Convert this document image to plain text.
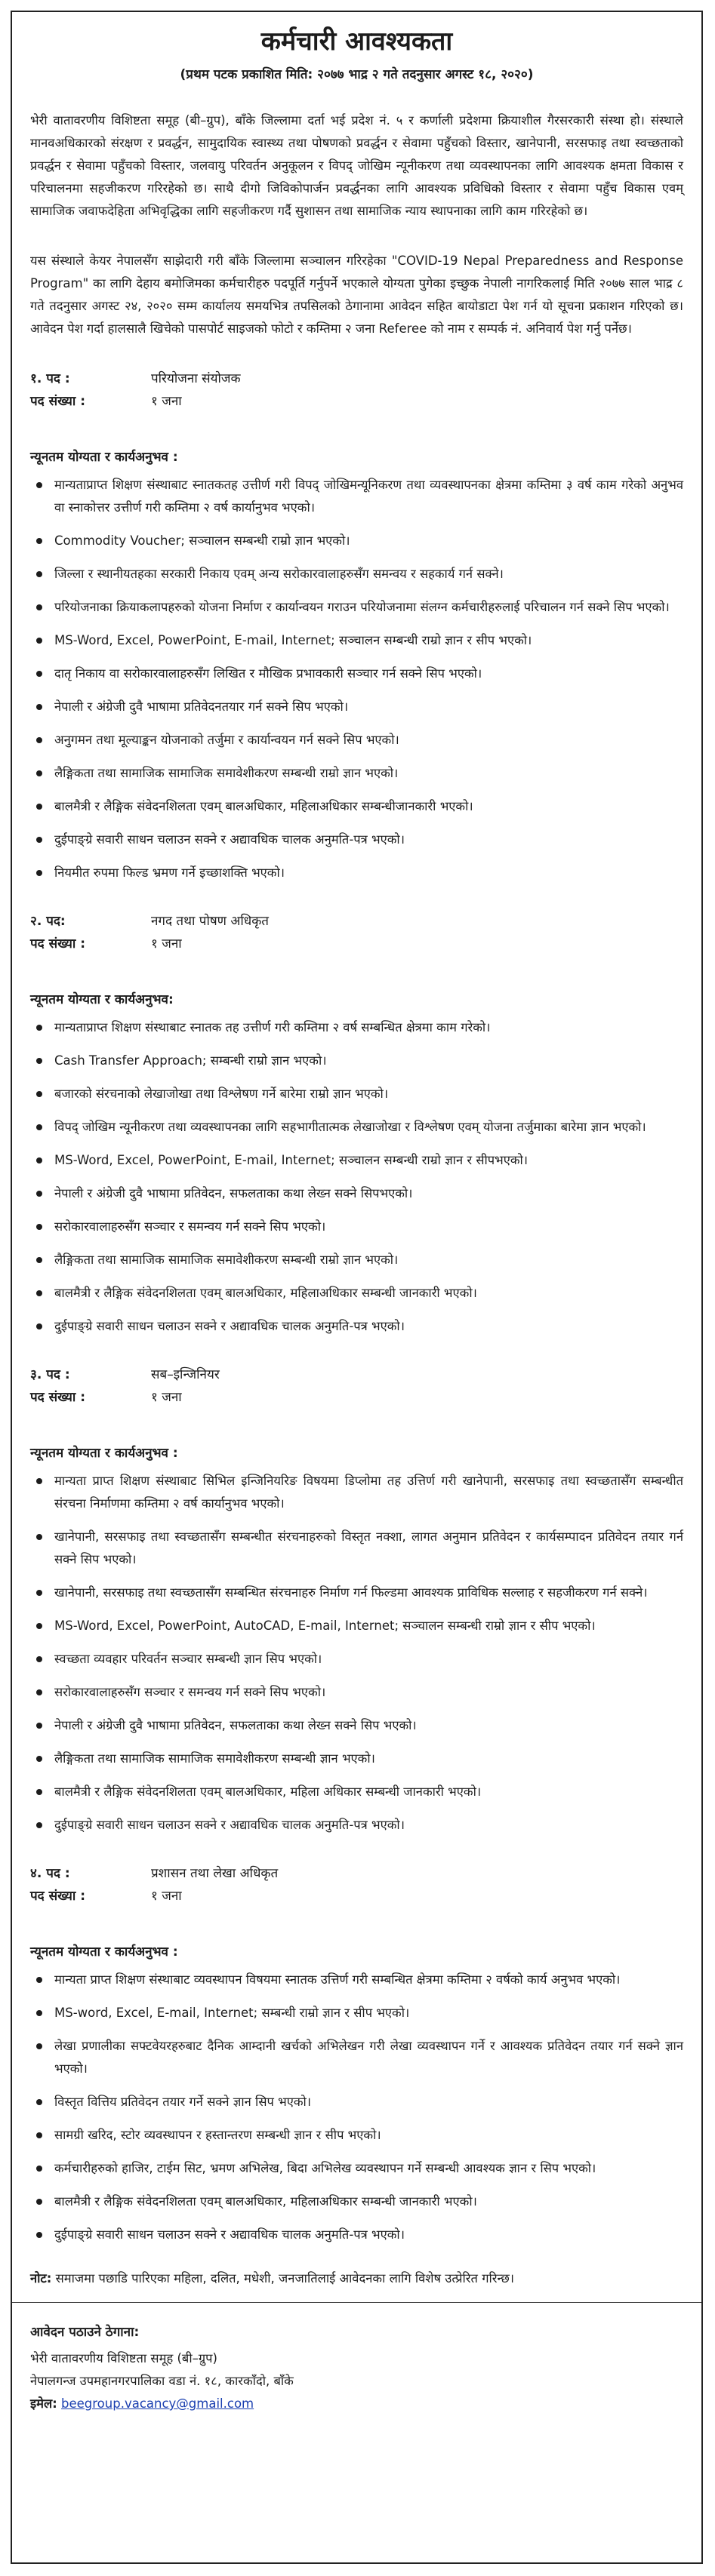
कर्मचारी आवश्यकता
(प्रथम पटक प्रकाशित मिति: २०७७ भाद्र २ गते तदनुसार अगस्ट १८, २०२०)

भेरी वातावरणीय विशिष्टता समूह (बी–ग्रुप), बाँके जिल्लामा दर्ता भई प्रदेश नं. ५ र कर्णाली प्रदेशमा क्रियाशील गैरसरकारी संस्था हो। संस्थाले मानवअधिकारको संरक्षण र प्रवर्द्धन, सामुदायिक स्वास्थ्य तथा पोषणको प्रवर्द्धन र सेवामा पहुँचको विस्तार, खानेपानी, सरसफाइ तथा स्वच्छताको प्रवर्द्धन र सेवामा पहुँचको विस्तार, जलवायु परिवर्तन अनुकूलन र विपद् जोखिम न्यूनीकरण तथा व्यवस्थापनका लागि आवश्यक क्षमता विकास र परिचालनमा सहजीकरण गरिरहेको छ। साथै दीगो जिविकोपार्जन प्रवर्द्धनका लागि आवश्यक प्रविधिको विस्तार र सेवामा पहुँच विकास एवम् सामाजिक जवाफदेहिता अभिवृद्धिका लागि सहजीकरण गर्दै सुशासन तथा सामाजिक न्याय स्थापनाका लागि काम गरिरहेको छ।

यस संस्थाले केयर नेपालसँग साझेदारी गरी बाँके जिल्लामा सञ्चालन गरिरहेका "COVID-19 Nepal Preparedness and Response Program" का लागि देहाय बमोजिमका कर्मचारीहरु पदपूर्ति गर्नुपर्ने भएकाले योग्यता पुगेका इच्छुक नेपाली नागरिकलाई मिति २०७७ साल भाद्र ८ गते तदनुसार अगस्ट २४, २०२० सम्म कार्यालय समयभित्र तपसिलको ठेगानामा आवेदन सहित बायोडाटा पेश गर्न यो सूचना प्रकाशन गरिएको छ। आवेदन पेश गर्दा हालसालै खिचेको पासपोर्ट साइजको फोटो र कम्तिमा २ जना Referee को नाम र सम्पर्क नं. अनिवार्य पेश गर्नु पर्नेछ।

१. पद :	परियोजना संयोजक
पद संख्या :	१ जना
न्यूनतम योग्यता र कार्यअनुभव :
मान्यताप्राप्त शिक्षण संस्थाबाट स्नातकतह उत्तीर्ण गरी विपद् जोखिमन्यूनिकरण तथा व्यवस्थापनका क्षेत्रमा कम्तिमा ३ वर्ष काम गरेको अनुभव वा स्नाकोत्तर उत्तीर्ण गरी कम्तिमा २ वर्ष कार्यानुभव भएको।
Commodity Voucher; सञ्चालन सम्बन्धी राम्रो ज्ञान भएको।
जिल्ला र स्थानीयतहका सरकारी निकाय एवम् अन्य सरोकारवालाहरुसँग समन्वय र सहकार्य गर्न सक्ने।
परियोजनाका क्रियाकलापहरुको योजना निर्माण र कार्यान्वयन गराउन परियोजनामा संलग्न कर्मचारीहरुलाई परिचालन गर्न सक्ने सिप भएको।
MS-Word, Excel, PowerPoint, E-mail, Internet; सञ्चालन सम्बन्धी राम्रो ज्ञान र सीप भएको।
दातृ निकाय वा सरोकारवालाहरुसँग लिखित र मौखिक प्रभावकारी सञ्चार गर्न सक्ने सिप भएको।
नेपाली र अंग्रेजी दुवै भाषामा प्रतिवेदनतयार गर्न सक्ने सिप भएको।
अनुगमन तथा मूल्याङ्कन योजनाको तर्जुमा र कार्यान्वयन गर्न सक्ने सिप भएको।
लैङ्गिकता तथा सामाजिक सामाजिक समावेशीकरण सम्बन्धी राम्रो ज्ञान भएको।
बालमैत्री र लैङ्गिक संवेदनशिलता एवम् बालअधिकार, महिलाअधिकार सम्बन्धीजानकारी भएको।
दुईपाङ्ग्रे सवारी साधन चलाउन सक्ने र अद्यावधिक चालक अनुमति-पत्र भएको।
नियमीत रुपमा फिल्ड भ्रमण गर्ने इच्छाशक्ति भएको।
२. पद:	नगद तथा पोषण अधिकृत
पद संख्या :	१ जना
न्यूनतम योग्यता र कार्यअनुभव:
मान्यताप्राप्त शिक्षण संस्थाबाट स्नातक तह उत्तीर्ण गरी कम्तिमा २ वर्ष सम्बन्धित क्षेत्रमा काम गरेको।
Cash Transfer Approach; सम्बन्धी राम्रो ज्ञान भएको।
बजारको संरचनाको लेखाजोखा तथा विश्लेषण गर्ने बारेमा राम्रो ज्ञान भएको।
विपद् जोखिम न्यूनीकरण तथा व्यवस्थापनका लागि सहभागीतात्मक लेखाजोखा र विश्लेषण एवम् योजना तर्जुमाका बारेमा ज्ञान भएको।
MS-Word, Excel, PowerPoint, E-mail, Internet; सञ्चालन सम्बन्धी राम्रो ज्ञान र सीपभएको।
नेपाली र अंग्रेजी दुवै भाषामा प्रतिवेदन, सफलताका कथा लेख्न सक्ने सिपभएको।
सरोकारवालाहरुसँग सञ्चार र समन्वय गर्न सक्ने सिप भएको।
लैङ्गिकता तथा सामाजिक सामाजिक समावेशीकरण सम्बन्धी राम्रो ज्ञान भएको।
बालमैत्री र लैङ्गिक संवेदनशिलता एवम् बालअधिकार, महिलाअधिकार सम्बन्धी जानकारी भएको।
दुईपाङ्ग्रे सवारी साधन चलाउन सक्ने र अद्यावधिक चालक अनुमति-पत्र भएको।
३. पद :	सब–इन्जिनियर
पद संख्या :	१ जना
न्यूनतम योग्यता र कार्यअनुभव :
मान्यता प्राप्त शिक्षण संस्थाबाट सिभिल इन्जिनियरिङ विषयमा डिप्लोमा तह उत्तिर्ण गरी खानेपानी, सरसफाइ तथा स्वच्छतासँग सम्बन्धीत संरचना निर्माणमा कम्तिमा २ वर्ष कार्यानुभव भएको।
खानेपानी, सरसफाइ तथा स्वच्छतासँग सम्बन्धीत संरचनाहरुको विस्तृत नक्शा, लागत अनुमान प्रतिवेदन र कार्यसम्पादन प्रतिवेदन तयार गर्न सक्ने सिप भएको।
खानेपानी, सरसफाइ तथा स्वच्छतासँग सम्बन्धित संरचनाहरु निर्माण गर्न फिल्डमा आवश्यक प्राविधिक सल्लाह र सहजीकरण गर्न सक्ने।
MS-Word, Excel, PowerPoint, AutoCAD, E-mail, Internet; सञ्चालन सम्बन्धी राम्रो ज्ञान र सीप भएको।
स्वच्छता व्यवहार परिवर्तन सञ्चार सम्बन्धी ज्ञान सिप भएको।
सरोकारवालाहरुसँग सञ्चार र समन्वय गर्न सक्ने सिप भएको।
नेपाली र अंग्रेजी दुवै भाषामा प्रतिवेदन, सफलताका कथा लेख्न सक्ने सिप भएको।
लैङ्गिकता तथा सामाजिक सामाजिक समावेशीकरण सम्बन्धी ज्ञान भएको।
बालमैत्री र लैङ्गिक संवेदनशिलता एवम् बालअधिकार, महिला अधिकार सम्बन्धी जानकारी भएको।
दुईपाङ्ग्रे सवारी साधन चलाउन सक्ने र अद्यावधिक चालक अनुमति-पत्र भएको।
४. पद :	प्रशासन तथा लेखा अधिकृत
पद संख्या :	१ जना
न्यूनतम योग्यता र कार्यअनुभव :
मान्यता प्राप्त शिक्षण संस्थाबाट व्यवस्थापन विषयमा स्नातक उत्तिर्ण गरी सम्बन्धित क्षेत्रमा कम्तिमा २ वर्षको कार्य अनुभव भएको।
MS-word, Excel, E-mail, Internet; सम्बन्धी राम्रो ज्ञान र सीप भएको।
लेखा प्रणालीका सफ्टवेयरहरुबाट दैनिक आम्दानी खर्चको अभिलेखन गरी लेखा व्यवस्थापन गर्ने र आवश्यक प्रतिवेदन तयार गर्न सक्ने ज्ञान भएको।
विस्तृत वित्तिय प्रतिवेदन तयार गर्ने सक्ने ज्ञान सिप भएको।
सामग्री खरिद, स्टोर व्यवस्थापन र हस्तान्तरण सम्बन्धी ज्ञान र सीप भएको।
कर्मचारीहरुको हाजिर, टाईम सिट, भ्रमण अभिलेख, बिदा अभिलेख व्यवस्थापन गर्ने सम्बन्धी आवश्यक ज्ञान र सिप भएको।
बालमैत्री र लैङ्गिक संवेदनशिलता एवम् बालअधिकार, महिलाअधिकार सम्बन्धी जानकारी भएको।
दुईपाङ्ग्रे सवारी साधन चलाउन सक्ने र अद्यावधिक चालक अनुमति-पत्र भएको।
नोट: समाजमा पछाडि पारिएका महिला, दलित, मधेशी, जनजातिलाई आवेदनका लागि विशेष उत्प्रेरित गरिन्छ।
आवेदन पठाउने ठेगाना:
भेरी वातावरणीय विशिष्टता समूह (बी–ग्रुप)
नेपालगन्ज उपमहानगरपालिका वडा नं. १८, कारकाँदो, बाँके
इमेल: beegroup.vacancy@gmail.com
